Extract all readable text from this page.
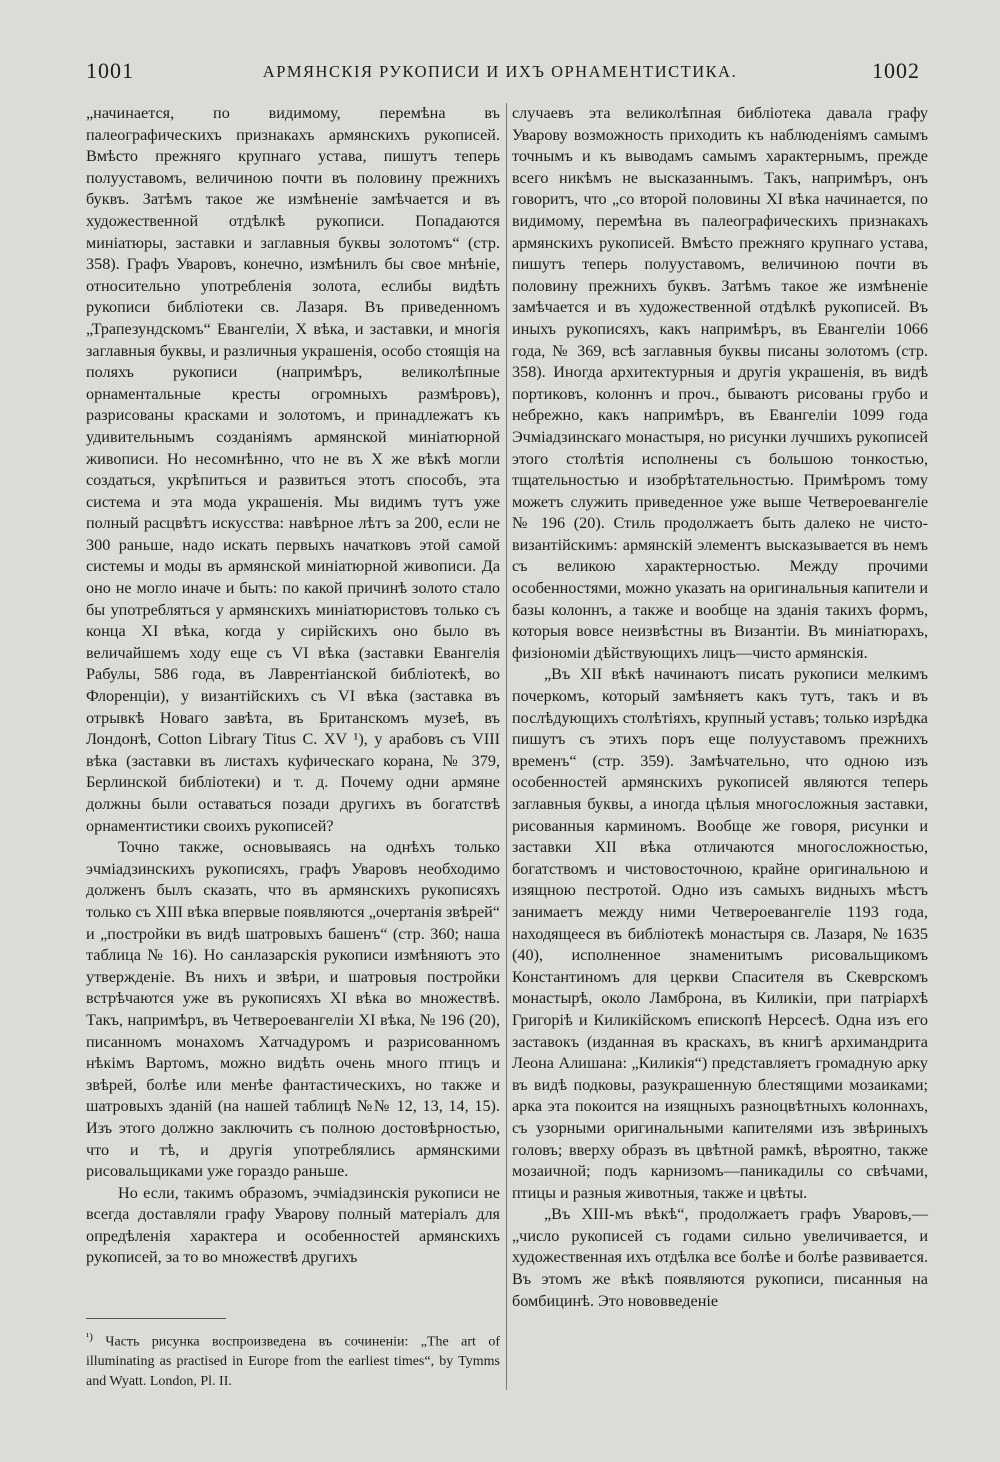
1001	АРМЯНСКІЯ РУКОПИСИ И ИХЪ ОРНАМЕНТИСТИКА.	1002

„начинается, по видимому, перемѣна въ палеографическихъ признакахъ армянскихъ рукописей. Вмѣсто прежняго крупнаго устава, пишутъ теперь полууставомъ, величиною почти въ половину прежнихъ буквъ. Затѣмъ такое же измѣненіе замѣчается и въ художественной отдѣлкѣ рукописи. Попадаются миніатюры, заставки и заглавныя буквы золотомъ“ (стр. 358). Графъ Уваровъ, конечно, измѣнилъ бы свое мнѣніе, относительно употребленія золота, еслибы видѣть рукописи библіотеки св. Лазаря. Въ приведенномъ „Трапезундскомъ“ Евангеліи, X вѣка, и заставки, и многія заглавныя буквы, и различныя украшенія, особо стоящія на поляхъ рукописи (напримѣръ, великолѣпные орнаментальные кресты огромныхъ размѣровъ), разрисованы красками и золотомъ, и принадлежатъ къ удивительнымъ созданіямъ армянской миніатюрной живописи. Но несомнѣнно, что не въ X же вѣкѣ могли создаться, укрѣпиться и развиться этотъ способъ, эта система и эта мода украшенія. Мы видимъ тутъ уже полный расцвѣтъ искусства: навѣрное лѣтъ за 200, если не 300 раньше, надо искать первыхъ начатковъ этой самой системы и моды въ армянской миніатюрной живописи. Да оно не могло иначе и быть: по какой причинѣ золото стало бы употребляться у армянскихъ миніатюристовъ только съ конца XI вѣка, когда у сирійскихъ оно было въ величайшемъ ходу еще съ VI вѣка (заставки Евангелія Рабулы, 586 года, въ Лаврентіанской библіотекѣ, во Флоренціи), у византійскихъ съ VI вѣка (заставка въ отрывкѣ Новаго завѣта, въ Британскомъ музеѣ, въ Лондонѣ, Cotton Library Titus C. XV ¹), у арабовъ съ VIII вѣка (заставки въ листахъ куфическаго корана, № 379, Берлинской библіотеки) и т. д. Почему одни армяне должны были оставаться позади другихъ въ богатствѣ орнаментистики своихъ рукописей?

Точно также, основываясь на однѣхъ только эчміадзинскихъ рукописяхъ, графъ Уваровъ необходимо долженъ былъ сказать, что въ армянскихъ рукописяхъ только съ XIII вѣка впервые появляются „очертанія звѣрей“ и „постройки въ видѣ шатровыхъ башенъ“ (стр. 360; наша таблица № 16). Но санлазарскія рукописи измѣняютъ это утвержденіе. Въ нихъ и звѣри, и шатровыя постройки встрѣчаются уже въ рукописяхъ XI вѣка во множествѣ. Такъ, напримѣръ, въ Четвероевангеліи XI вѣка, № 196 (20), писанномъ монахомъ Хатчадуромъ и разрисованномъ нѣкімъ Вартомъ, можно видѣть очень много птицъ и звѣрей, болѣе или менѣе фантастическихъ, но также и шатровыхъ зданій (на нашей таблицѣ №№ 12, 13, 14, 15). Изъ этого должно заключить съ полною достовѣрностью, что и тѣ, и другія употреблялись армянскими рисовальщиками уже гораздо раньше.

Но если, такимъ образомъ, эчміадзинскія рукописи не всегда доставляли графу Уварову полный матеріалъ для опредѣленія характера и особенностей армянскихъ рукописей, за то во множествѣ другихъ

случаевъ эта великолѣпная библіотека давала графу Уварову возможность приходить къ наблюденіямъ самымъ точнымъ и къ выводамъ самымъ характернымъ, прежде всего никѣмъ не высказаннымъ. Такъ, напримѣръ, онъ говоритъ, что „со второй половины XI вѣка начинается, по видимому, перемѣна въ палеографическихъ признакахъ армянскихъ рукописей. Вмѣсто прежняго крупнаго устава, пишутъ теперь полууставомъ, величиною почти въ половину прежнихъ буквъ. Затѣмъ такое же измѣненіе замѣчается и въ художественной отдѣлкѣ рукописей. Въ иныхъ рукописяхъ, какъ напримѣръ, въ Евангеліи 1066 года, № 369, всѣ заглавныя буквы писаны золотомъ (стр. 358). Иногда архитектурныя и другія украшенія, въ видѣ портиковъ, колоннъ и проч., бываютъ рисованы грубо и небрежно, какъ напримѣръ, въ Евангеліи 1099 года Эчміадзинскаго монастыря, но рисунки лучшихъ рукописей этого столѣтія исполнены съ большою тонкостью, тщательностью и изобрѣтательностью. Примѣромъ тому можетъ служить приведенное уже выше Четвероевангеліе № 196 (20). Стиль продолжаетъ быть далеко не чисто-византійскимъ: армянскій элементъ высказывается въ немъ съ великою характерностью. Между прочими особенностями, можно указать на оригинальныя капители и базы колоннъ, а также и вообще на зданія такихъ формъ, которыя вовсе неизвѣстны въ Византіи. Въ миніатюрахъ, физіономіи дѣйствующихъ лицъ—чисто армянскія.

„Въ XII вѣкѣ начинаютъ писать рукописи мелкимъ почеркомъ, который замѣняетъ какъ тутъ, такъ и въ послѣдующихъ столѣтіяхъ, крупный уставъ; только изрѣдка пишутъ съ этихъ поръ еще полууставомъ прежнихъ временъ“ (стр. 359). Замѣчательно, что одною изъ особенностей армянскихъ рукописей являются теперь заглавныя буквы, а иногда цѣлыя многосложныя заставки, рисованныя карминомъ. Вообще же говоря, рисунки и заставки XII вѣка отличаются многосложностью, богатствомъ и чистовосточною, крайне оригинальною и изящною пестротой. Одно изъ самыхъ видныхъ мѣстъ занимаетъ между ними Четвероевангеліе 1193 года, находящееся въ библіотекѣ монастыря св. Лазаря, № 1635 (40), исполненное знаменитымъ рисовальщикомъ Константиномъ для церкви Спасителя въ Скеврскомъ монастырѣ, около Ламброна, въ Киликіи, при патріархѣ Григоріѣ и Киликійскомъ епископѣ Нерсесѣ. Одна изъ его заставокъ (изданная въ краскахъ, въ книгѣ архимандрита Леона Алишана: „Киликія“) представляетъ громадную арку въ видѣ подковы, разукрашенную блестящими мозаиками; арка эта покоится на изящныхъ разноцвѣтныхъ колоннахъ, съ узорными оригинальными капителями изъ звѣриныхъ головъ; вверху образъ въ цвѣтной рамкѣ, вѣроятно, также мозаичной; подъ карнизомъ—паникадилы со свѣчами, птицы и разныя животныя, также и цвѣты.

„Въ XIII-мъ вѣкѣ“, продолжаетъ графъ Уваровъ,—„число рукописей съ годами сильно увеличивается, и художественная ихъ отдѣлка все болѣе и болѣе развивается. Въ этомъ же вѣкѣ появляются рукописи, писанныя на бомбицинѣ. Это нововведеніе

$^{^1)}$ Часть рисунка воспроизведена въ сочиненіи: „The art of illuminating as practised in Europe from the earliest times“, by Tymms and Wyatt. London, Pl. II.
